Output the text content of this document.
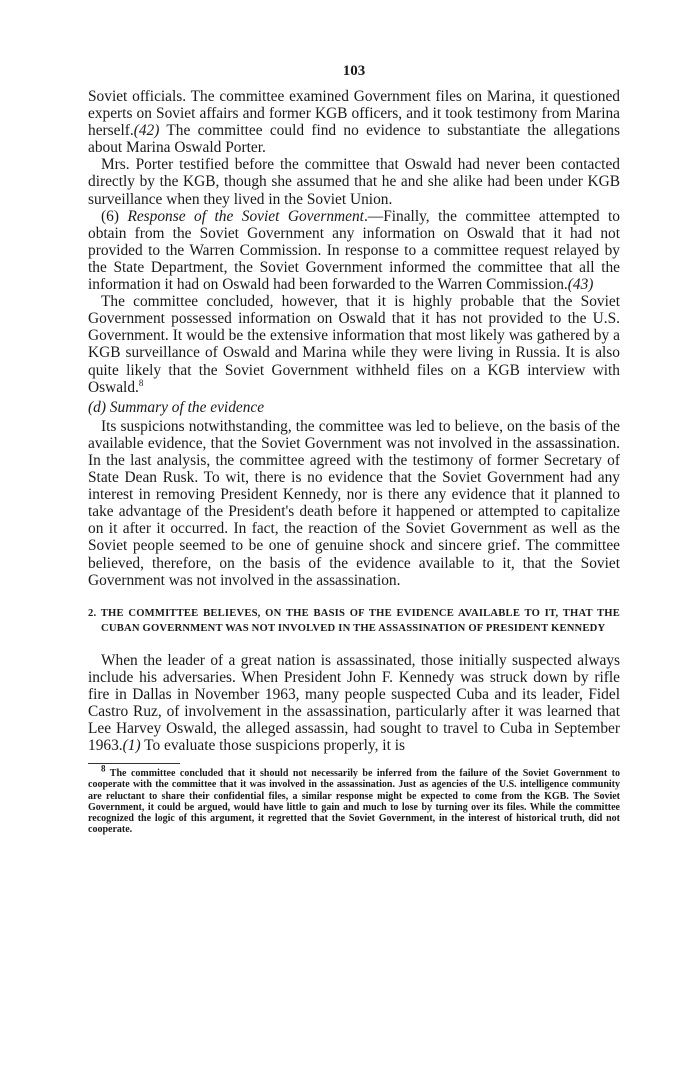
103

Soviet officials. The committee examined Government files on Marina, it questioned experts on Soviet affairs and former KGB officers, and it took testimony from Marina herself.(42) The committee could find no evidence to substantiate the allegations about Marina Oswald Porter.

Mrs. Porter testified before the committee that Oswald had never been contacted directly by the KGB, though she assumed that he and she alike had been under KGB surveillance when they lived in the Soviet Union.

(6) Response of the Soviet Government.—Finally, the committee attempted to obtain from the Soviet Government any information on Oswald that it had not provided to the Warren Commission. In response to a committee request relayed by the State Department, the Soviet Government informed the committee that all the information it had on Oswald had been forwarded to the Warren Commission.(43)

The committee concluded, however, that it is highly probable that the Soviet Government possessed information on Oswald that it has not provided to the U.S. Government. It would be the extensive information that most likely was gathered by a KGB surveillance of Oswald and Marina while they were living in Russia. It is also quite likely that the Soviet Government withheld files on a KGB interview with Oswald.$^8$

(d) Summary of the evidence

Its suspicions notwithstanding, the committee was led to believe, on the basis of the available evidence, that the Soviet Government was not involved in the assassination. In the last analysis, the committee agreed with the testimony of former Secretary of State Dean Rusk. To wit, there is no evidence that the Soviet Government had any interest in removing President Kennedy, nor is there any evidence that it planned to take advantage of the President's death before it happened or attempted to capitalize on it after it occurred. In fact, the reaction of the Soviet Government as well as the Soviet people seemed to be one of genuine shock and sincere grief. The committee believed, therefore, on the basis of the evidence available to it, that the Soviet Government was not involved in the assassination.

2. THE COMMITTEE BELIEVES, ON THE BASIS OF THE EVIDENCE AVAILABLE TO IT, THAT THE CUBAN GOVERNMENT WAS NOT INVOLVED IN THE ASSASSINATION OF PRESIDENT KENNEDY

When the leader of a great nation is assassinated, those initially suspected always include his adversaries. When President John F. Kennedy was struck down by rifle fire in Dallas in November 1963, many people suspected Cuba and its leader, Fidel Castro Ruz, of involvement in the assassination, particularly after it was learned that Lee Harvey Oswald, the alleged assassin, had sought to travel to Cuba in September 1963.(1) To evaluate those suspicions properly, it is

$^8$ The committee concluded that it should not necessarily be inferred from the failure of the Soviet Government to cooperate with the committee that it was involved in the assassination. Just as agencies of the U.S. intelligence community are reluctant to share their confidential files, a similar response might be expected to come from the KGB. The Soviet Government, it could be argued, would have little to gain and much to lose by turning over its files. While the committee recognized the logic of this argument, it regretted that the Soviet Government, in the interest of historical truth, did not cooperate.
